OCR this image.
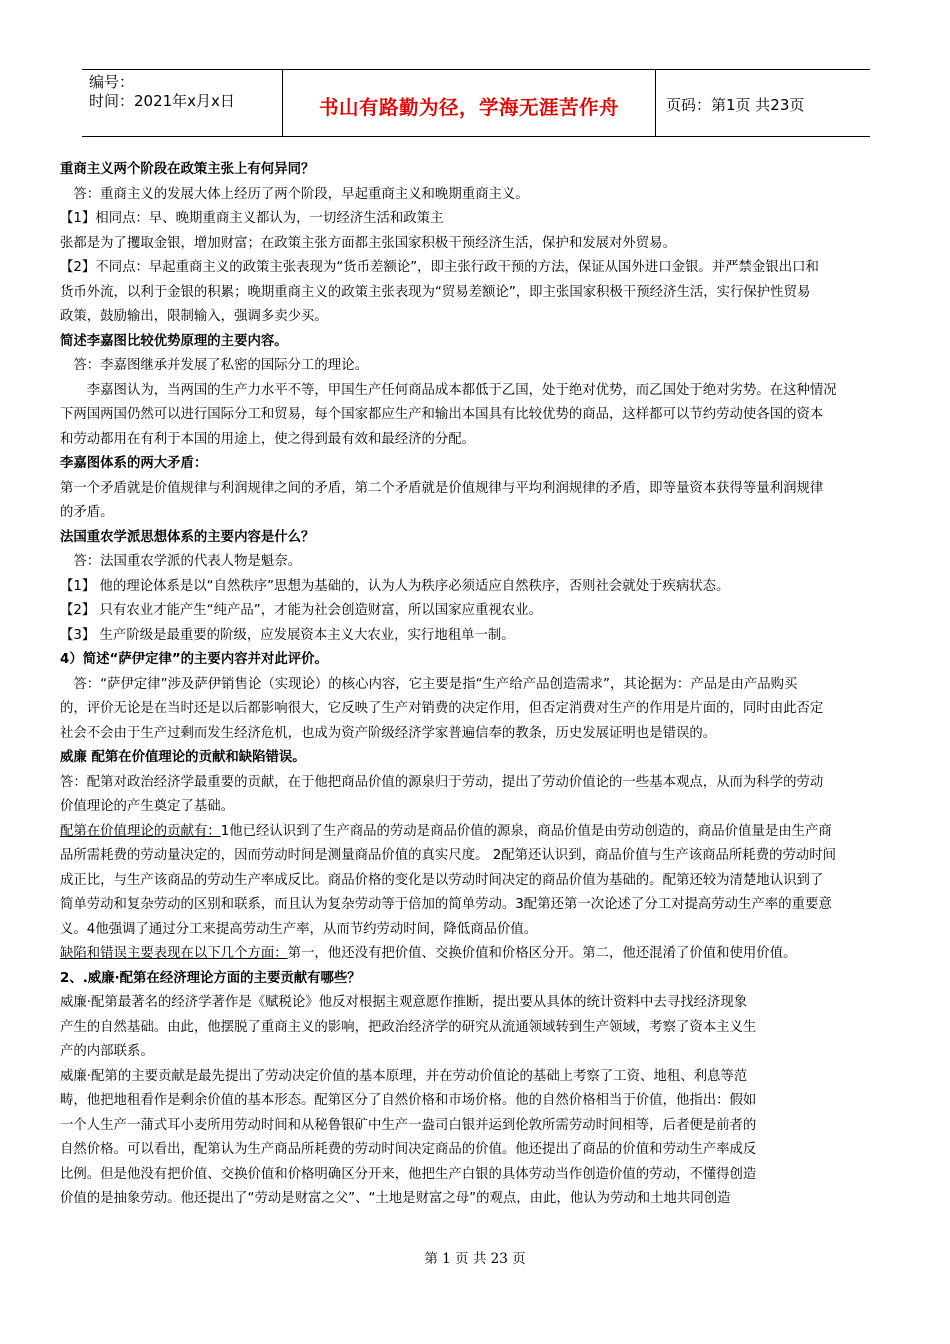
编号：
时间：2021年x月x日	书山有路勤为径，学海无涯苦作舟	页码：第1页 共23页
重商主义两个阶段在政策主张上有何异同？
　答：重商主义的发展大体上经历了两个阶段，早起重商主义和晚期重商主义。
【1】相同点：早、晚期重商主义都认为，一切经济生活和政策主
张都是为了攫取金银，增加财富；在政策主张方面都主张国家积极干预经济生活，保护和发展对外贸易。
【2】不同点：早起重商主义的政策主张表现为“货币差额论”，即主张行政干预的方法，保证从国外进口金银。并严禁金银出口和
货币外流，以利于金银的积累；晚期重商主义的政策主张表现为“贸易差额论”，即主张国家积极干预经济生活，实行保护性贸易
政策，鼓励输出，限制输入，强调多卖少买。
简述李嘉图比较优势原理的主要内容。
　答：李嘉图继承并发展了私密的国际分工的理论。
　　李嘉图认为，当两国的生产力水平不等，甲国生产任何商品成本都低于乙国，处于绝对优势，而乙国处于绝对劣势。在这种情况
下两国两国仍然可以进行国际分工和贸易，每个国家都应生产和输出本国具有比较优势的商品，这样都可以节约劳动使各国的资本
和劳动都用在有利于本国的用途上，使之得到最有效和最经济的分配。
李嘉图体系的两大矛盾：
第一个矛盾就是价值规律与利润规律之间的矛盾，第二个矛盾就是价值规律与平均利润规律的矛盾，即等量资本获得等量利润规律
的矛盾。
法国重农学派思想体系的主要内容是什么？
　答：法国重农学派的代表人物是魁奈。
【1】 他的理论体系是以“自然秩序”思想为基础的，认为人为秩序必须适应自然秩序，否则社会就处于疾病状态。
【2】 只有农业才能产生“纯产品”，才能为社会创造财富，所以国家应重视农业。
【3】 生产阶级是最重要的阶级，应发展资本主义大农业，实行地租单一制。
4）简述“萨伊定律”的主要内容并对此评价。
　答：“萨伊定律”涉及萨伊销售论（实现论）的核心内容，它主要是指“生产给产品创造需求”，其论据为：产品是由产品购买
的，评价无论是在当时还是以后都影响很大，它反映了生产对销费的决定作用，但否定消费对生产的作用是片面的，同时由此否定
社会不会由于生产过剩而发生经济危机，也成为资产阶级经济学家普遍信奉的教条，历史发展证明也是错误的。
威廉 配第在价值理论的贡献和缺陷错误。
答：配第对政治经济学最重要的贡献，在于他把商品价值的源泉归于劳动，提出了劳动价值论的一些基本观点，从而为科学的劳动
价值理论的产生奠定了基础。
配第在价值理论的贡献有：1他已经认识到了生产商品的劳动是商品价值的源泉，商品价值是由劳动创造的，商品价值量是由生产商
品所需耗费的劳动量决定的，因而劳动时间是测量商品价值的真实尺度。 2配第还认识到，商品价值与生产该商品所耗费的劳动时间
成正比，与生产该商品的劳动生产率成反比。商品价格的变化是以劳动时间决定的商品价值为基础的。配第还较为清楚地认识到了
简单劳动和复杂劳动的区别和联系，而且认为复杂劳动等于倍加的简单劳动。3配第还第一次论述了分工对提高劳动生产率的重要意
义。4他强调了通过分工来提高劳动生产率，从而节约劳动时间，降低商品价值。
缺陷和错误主要表现在以下几个方面：第一，他还没有把价值、交换价值和价格区分开。第二，他还混淆了价值和使用价值。
2、.威廉·配第在经济理论方面的主要贡献有哪些？
威廉·配第最著名的经济学著作是《赋税论》他反对根据主观意愿作推断，提出要从具体的统计资料中去寻找经济现象
产生的自然基础。由此，他摆脱了重商主义的影响，把政治经济学的研究从流通领域转到生产领域，考察了资本主义生
产的内部联系。
威廉·配第的主要贡献是最先提出了劳动决定价值的基本原理，并在劳动价值论的基础上考察了工资、地租、利息等范
畴，他把地租看作是剩余价值的基本形态。配第区分了自然价格和市场价格。他的自然价格相当于价值，他指出：假如
一个人生产一蒲式耳小麦所用劳动时间和从秘鲁银矿中生产一盎司白银并运到伦敦所需劳动时间相等，后者便是前者的
自然价格。可以看出，配第认为生产商品所耗费的劳动时间决定商品的价值。他还提出了商品的价值和劳动生产率成反
比例。但是他没有把价值、交换价值和价格明确区分开来，他把生产白银的具体劳动当作创造价值的劳动，不懂得创造
价值的是抽象劳动。他还提出了“劳动是财富之父”、“土地是财富之母”的观点，由此，他认为劳动和土地共同创造
第 1 页 共 23 页
